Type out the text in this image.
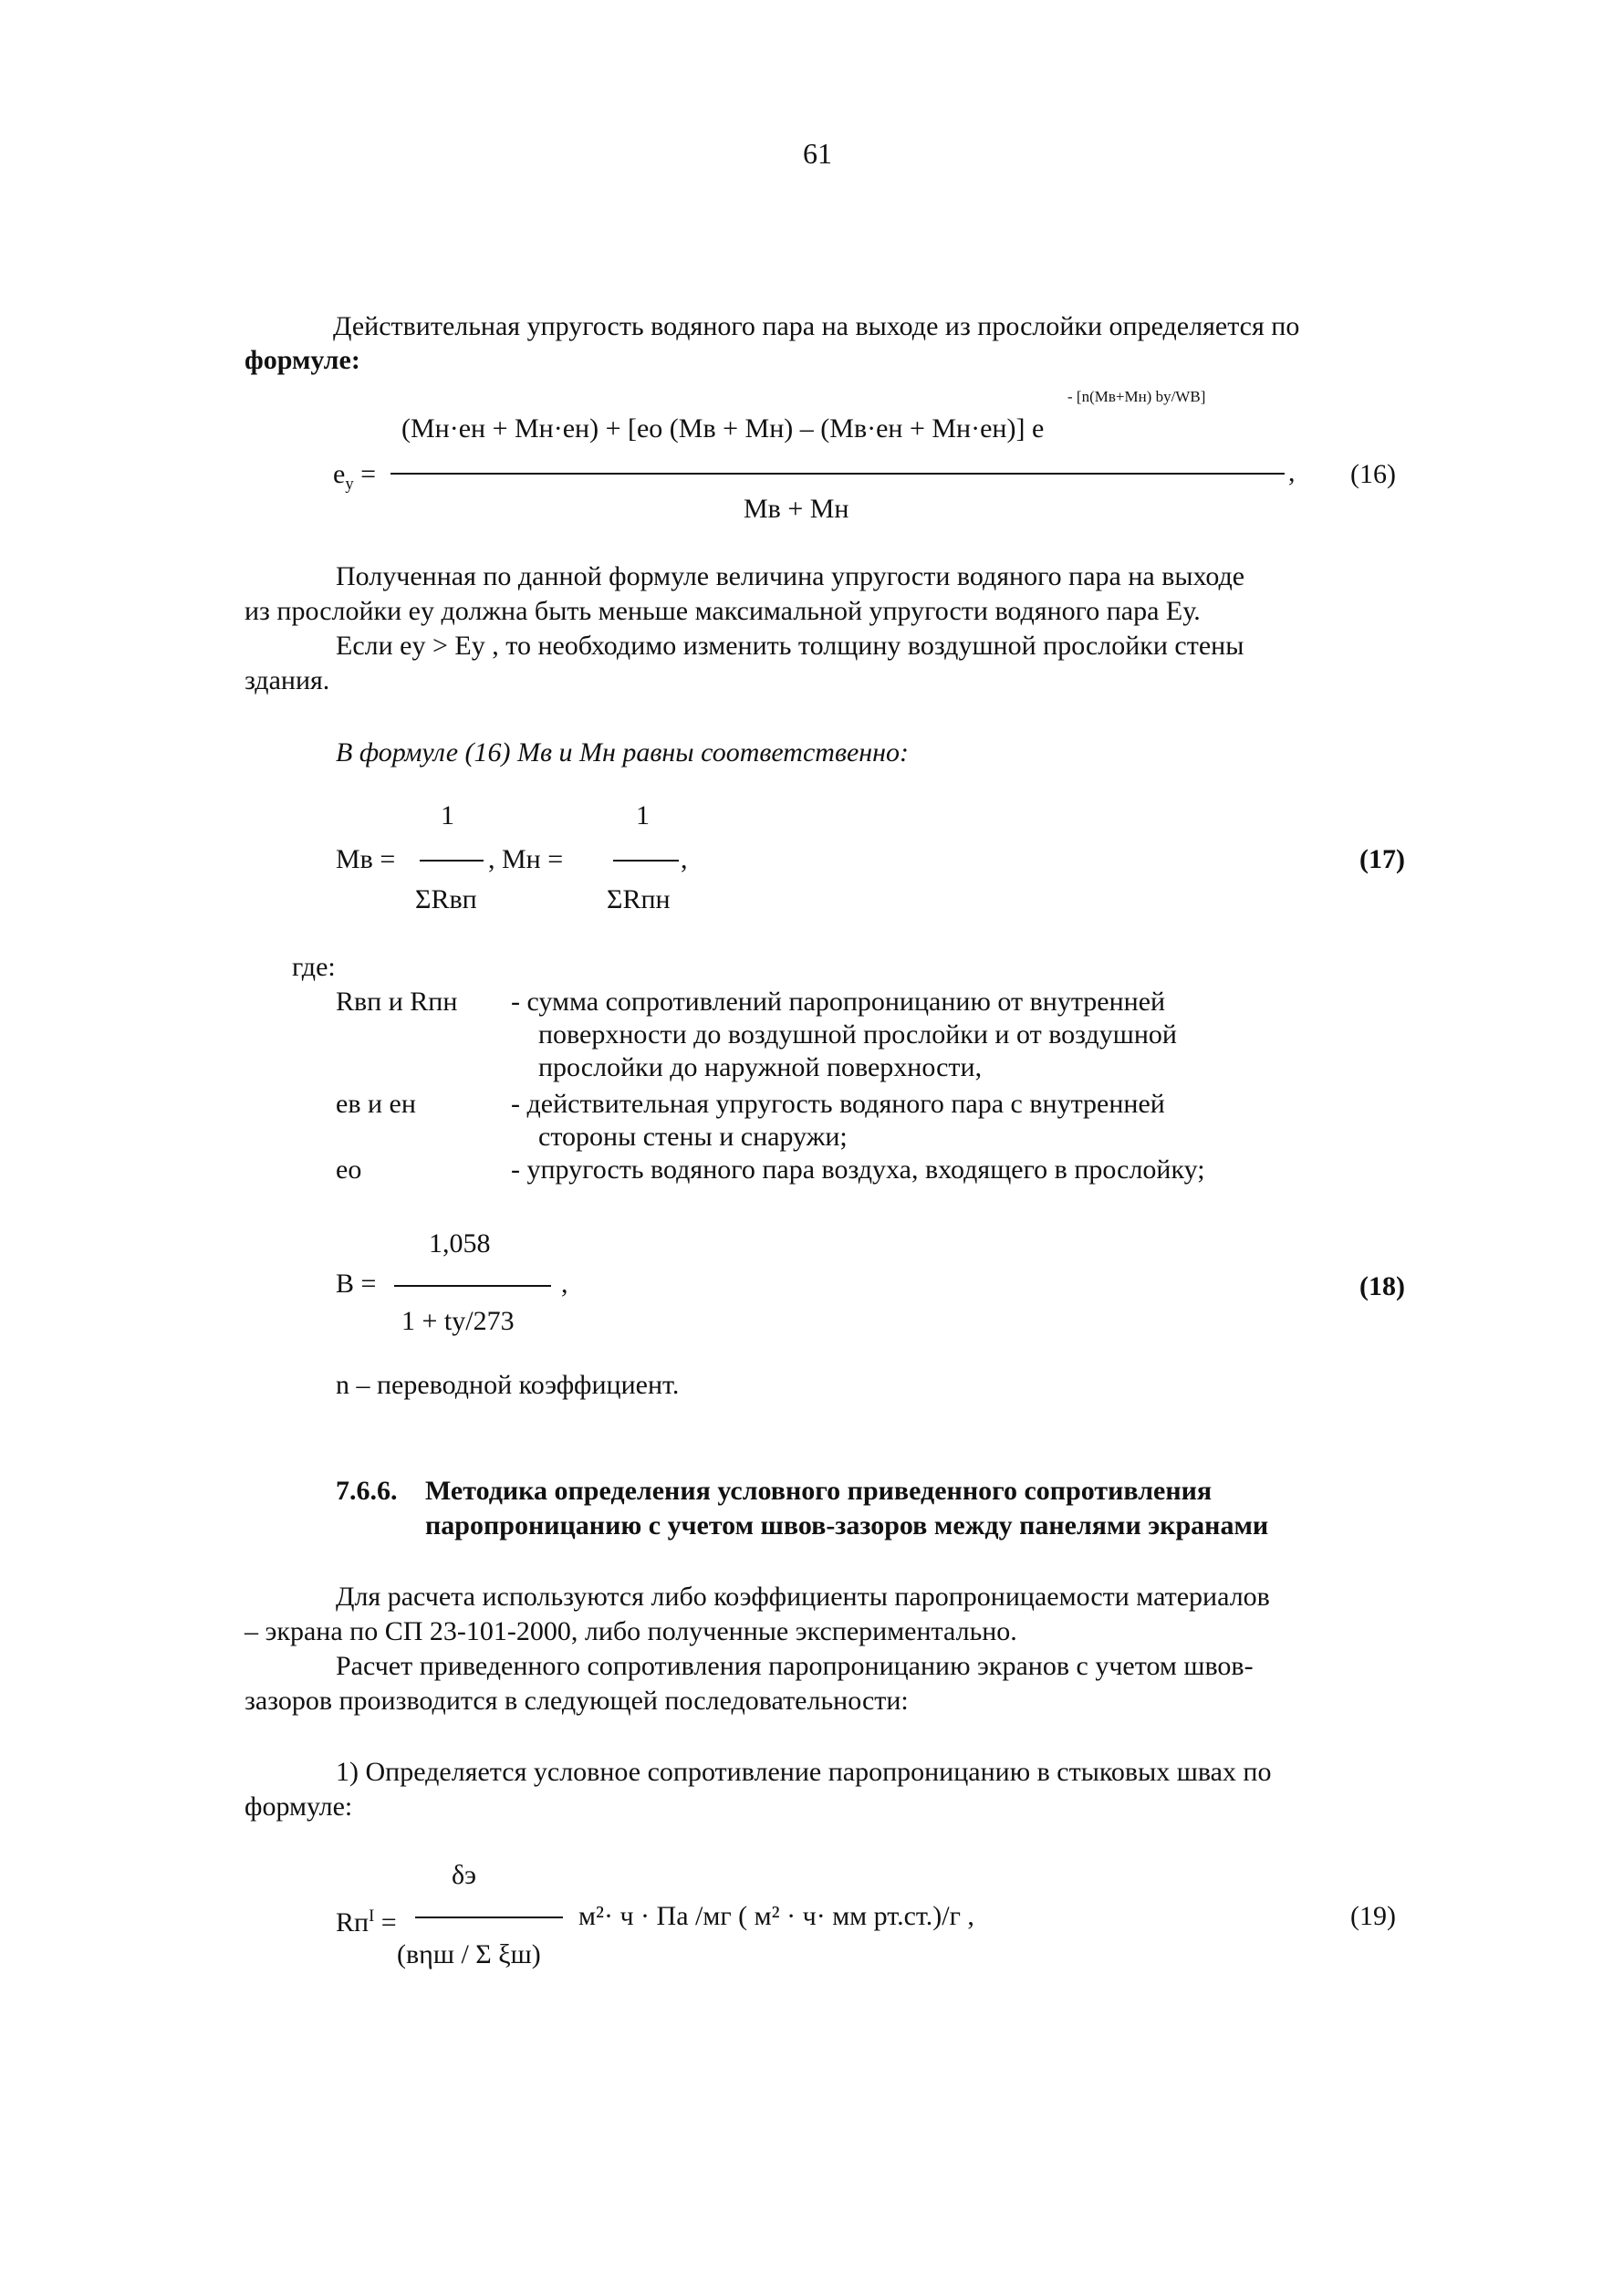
61
Действительная упругость водяного пара на выходе из прослойки определяется по
формуле:
- [n(Mв+Mн) by/WB]
(Mн·eн + Mн·eн) + [eo (Mв + Mн) – (Mв·eн + Mн·eн)] e
$e_y$ =	, (16)
Mв + Mн
Полученная по данной формуле величина упругости водяного пара на выходе
из прослойки eу должна быть меньше максимальной упругости водяного пара Eу.
Если eу > Eу , то необходимо изменить толщину воздушной прослойки стены
здания.
В формуле (16) Mв и Mн равны соответственно:
1	1
Mв =	, Mн =	,	(17)
ΣRвп	ΣRпн
где:
Rвп и Rпн - сумма сопротивлений паропроницанию от внутренней
поверхности до воздушной прослойки и от воздушной
прослойки до наружной поверхности,
eв и eн	- действительная упругость водяного пара с внутренней
стороны стены и снаружи;
eo	- упругость водяного пара воздуха, входящего в прослойку;
1,058
B =	,	(18)
1 + tу/273
n – переводной коэффициент.
7.6.6. Методика определения условного приведенного сопротивления
паропроницанию с учетом швов-зазоров между панелями экранами
Для расчета используются либо коэффициенты паропроницаемости материалов
– экрана по СП 23-101-2000, либо полученные экспериментально.
Расчет приведенного сопротивления паропроницанию экранов с учетом швов-
зазоров производится в следующей последовательности:
1) Определяется условное сопротивление паропроницанию в стыковых швах по
формуле:
δэ
$Rп^I$ =	м²· ч · Па /мг ( м² · ч· мм рт.ст.)/г ,	(19)
(вηш / Σ ξш)
